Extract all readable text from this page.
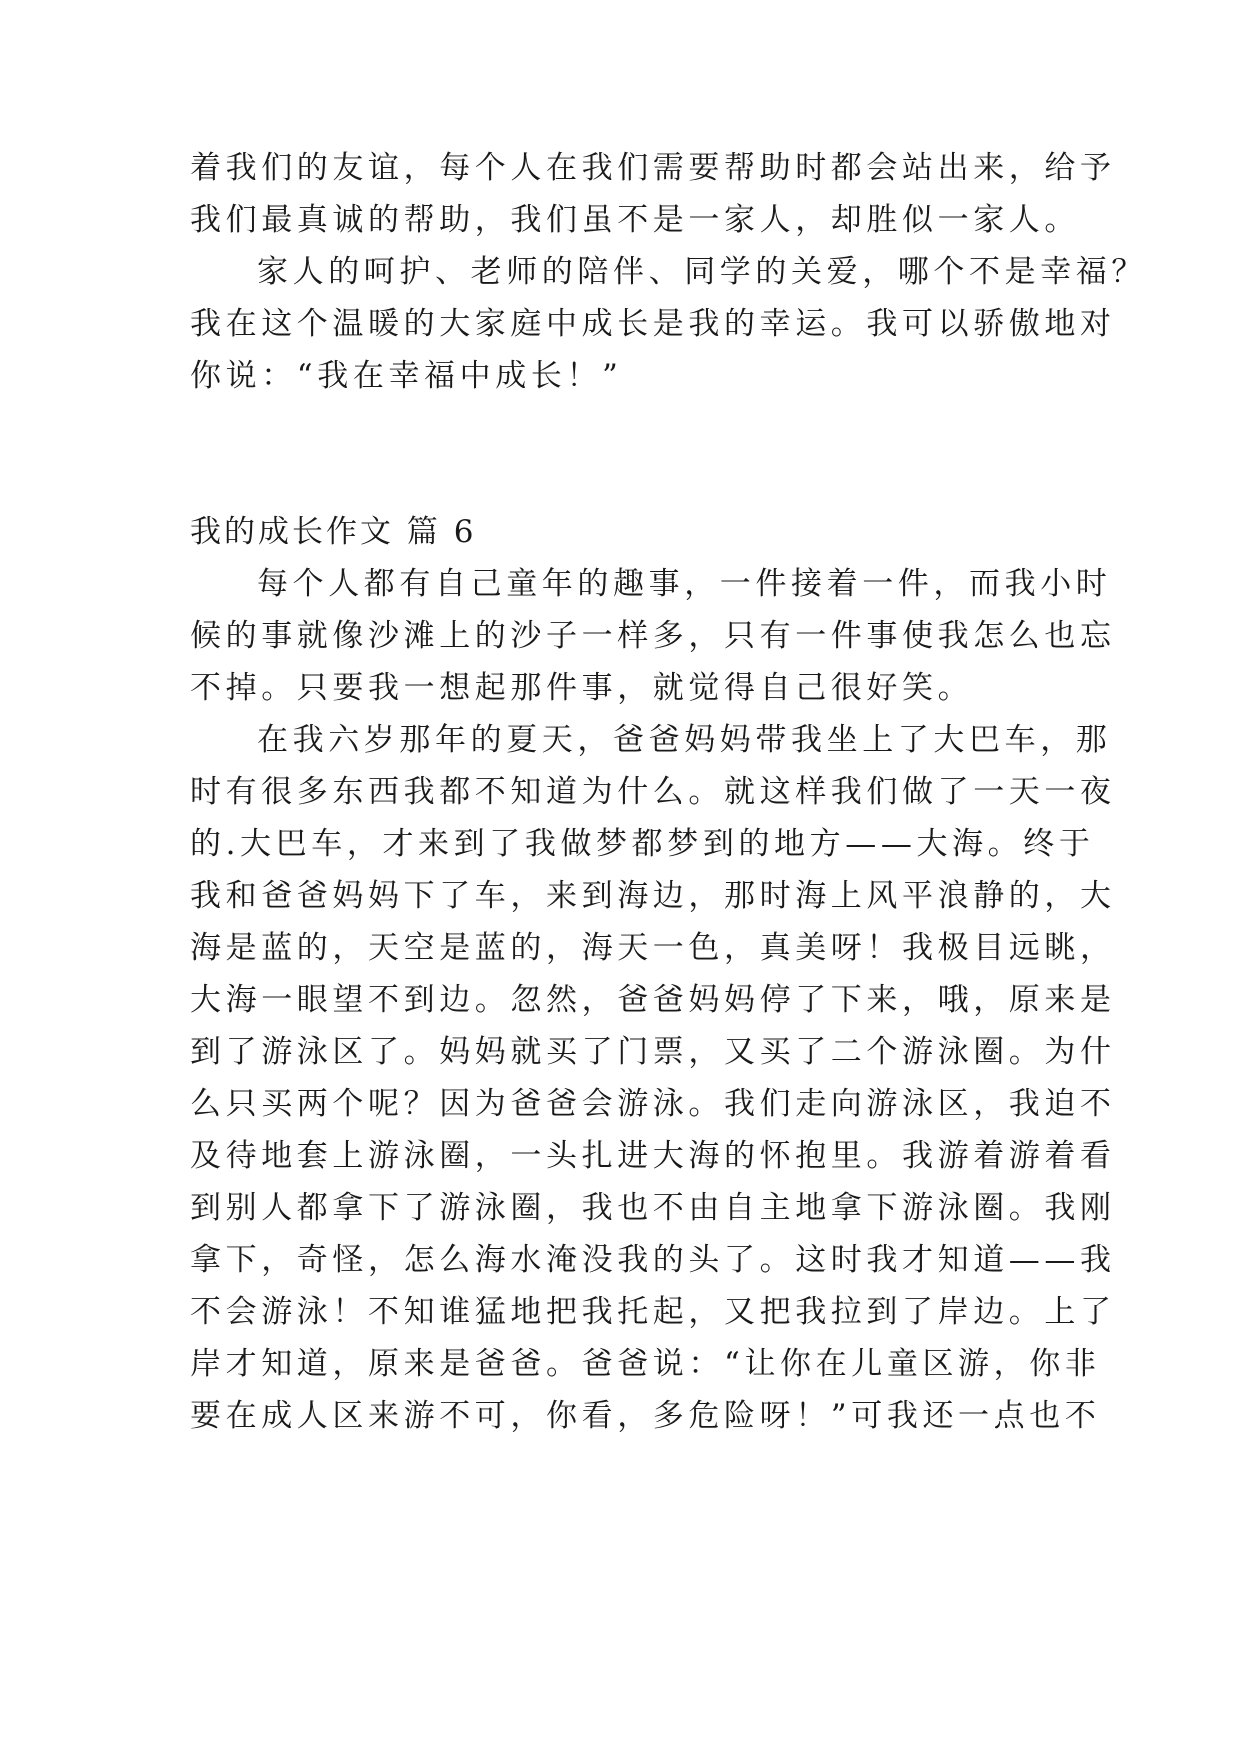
着我们的友谊，每个人在我们需要帮助时都会站出来，给予
我们最真诚的帮助，我们虽不是一家人，却胜似一家人。
家人的呵护、老师的陪伴、同学的关爱，哪个不是幸福？
我在这个温暖的大家庭中成长是我的幸运。我可以骄傲地对
你说：“我在幸福中成长！”
我的成长作文 篇 6
每个人都有自己童年的趣事，一件接着一件，而我小时
候的事就像沙滩上的沙子一样多，只有一件事使我怎么也忘
不掉。只要我一想起那件事，就觉得自己很好笑。
在我六岁那年的夏天，爸爸妈妈带我坐上了大巴车，那
时有很多东西我都不知道为什么。就这样我们做了一天一夜
的.大巴车，才来到了我做梦都梦到的地方——大海。终于
我和爸爸妈妈下了车，来到海边，那时海上风平浪静的，大
海是蓝的，天空是蓝的，海天一色，真美呀！我极目远眺，
大海一眼望不到边。忽然，爸爸妈妈停了下来，哦，原来是
到了游泳区了。妈妈就买了门票，又买了二个游泳圈。为什
么只买两个呢？因为爸爸会游泳。我们走向游泳区，我迫不
及待地套上游泳圈，一头扎进大海的怀抱里。我游着游着看
到别人都拿下了游泳圈，我也不由自主地拿下游泳圈。我刚
拿下，奇怪，怎么海水淹没我的头了。这时我才知道——我
不会游泳！不知谁猛地把我托起，又把我拉到了岸边。上了
岸才知道，原来是爸爸。爸爸说：“让你在儿童区游，你非
要在成人区来游不可，你看，多危险呀！”可我还一点也不
